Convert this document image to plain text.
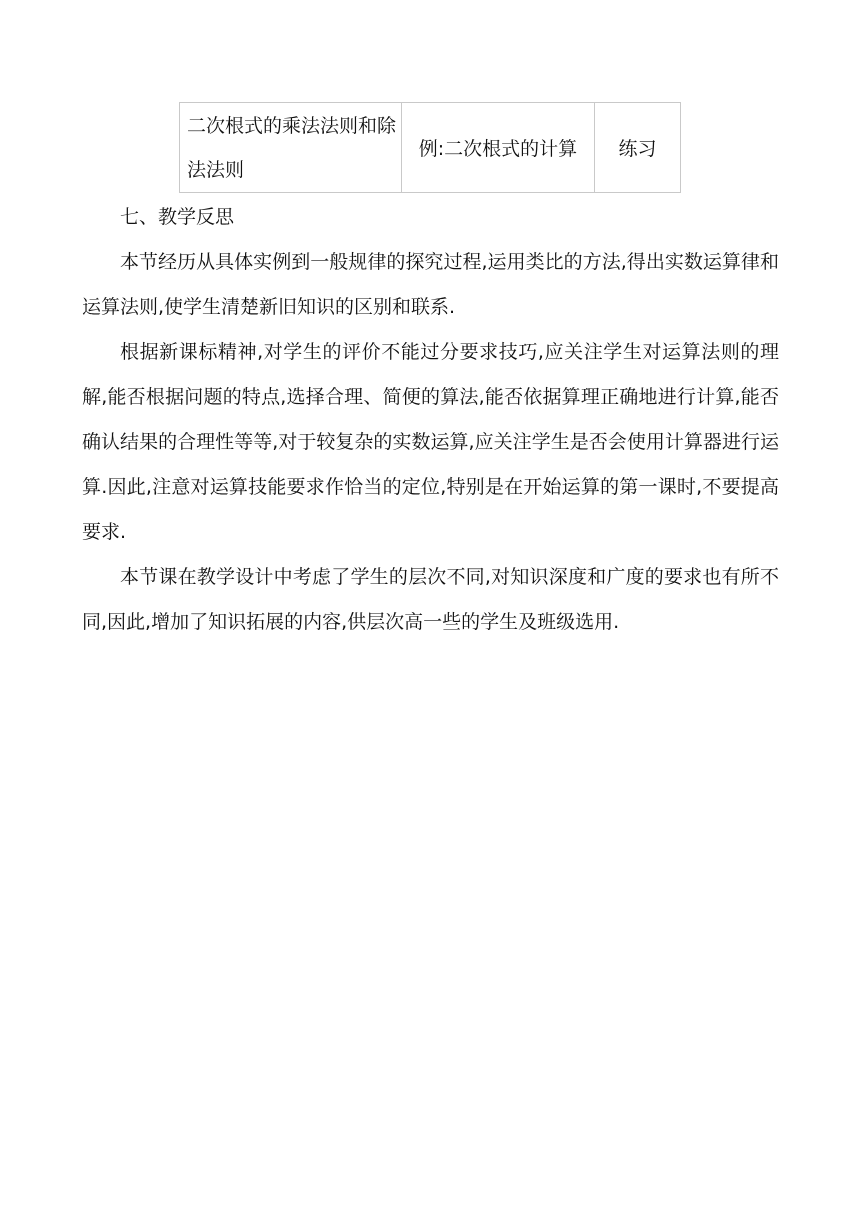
二次根式的乘法法则和除法法则	例:二次根式的计算	练习
七、教学反思

本节经历从具体实例到一般规律的探究过程,运用类比的方法,得出实数运算律和运算法则,使学生清楚新旧知识的区别和联系.

根据新课标精神,对学生的评价不能过分要求技巧,应关注学生对运算法则的理解,能否根据问题的特点,选择合理、简便的算法,能否依据算理正确地进行计算,能否确认结果的合理性等等,对于较复杂的实数运算,应关注学生是否会使用计算器进行运算.因此,注意对运算技能要求作恰当的定位,特别是在开始运算的第一课时,不要提高要求.

本节课在教学设计中考虑了学生的层次不同,对知识深度和广度的要求也有所不同,因此,增加了知识拓展的内容,供层次高一些的学生及班级选用.
